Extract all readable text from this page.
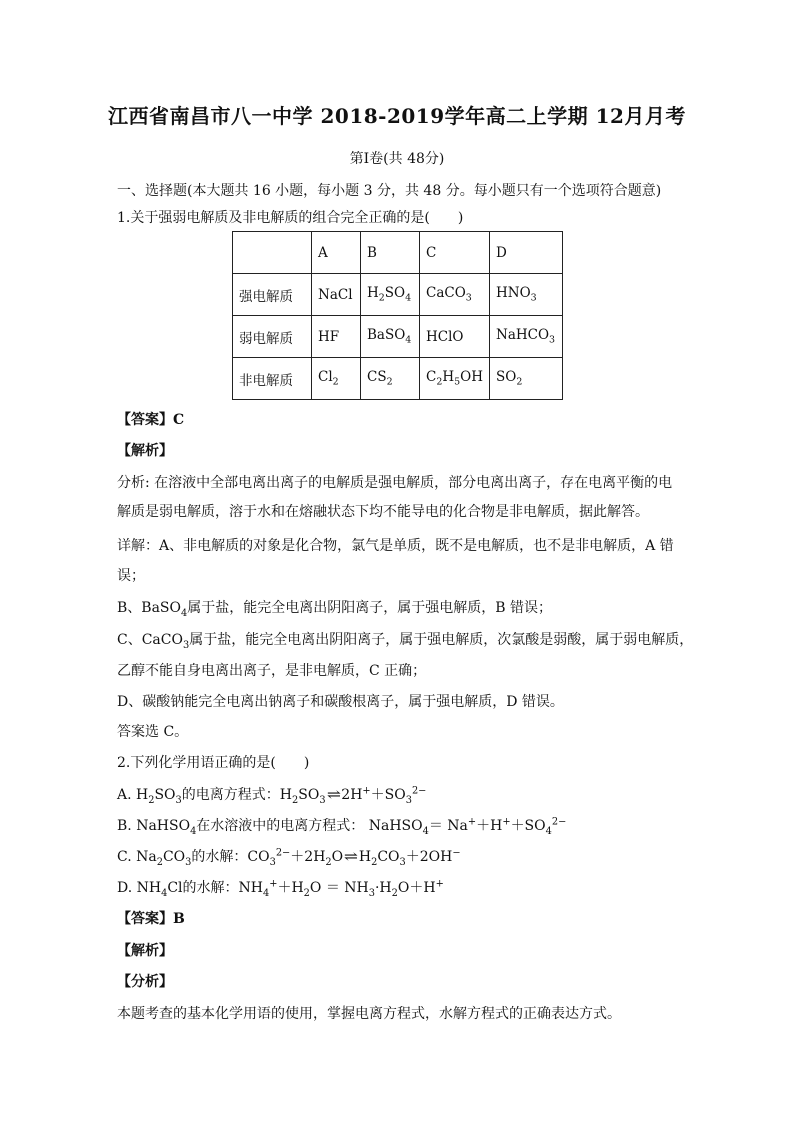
江西省南昌市八一中学 2018-2019学年高二上学期 12月月考
第Ⅰ卷(共 48分)
一、选择题(本大题共 16 小题，每小题 3 分，共 48 分。每小题只有一个选项符合题意)
1.关于强弱电解质及非电解质的组合完全正确的是(　　)
	A	B	C	D
强电解质	NaCl	$H_2SO_4$	CaCO$_3$	$HNO_3$
弱电解质	HF	BaSO$_4$	HClO	NaHCO$_3$
非电解质	$Cl_2$	$CS_2$	$C_2H_5OH$	$SO_2$
【答案】C
【解析】
分析: 在溶液中全部电离出离子的电解质是强电解质，部分电离出离子，存在电离平衡的电
解质是弱电解质，溶于水和在熔融状态下均不能导电的化合物是非电解质，据此解答。
详解：A、非电解质的对象是化合物，氯气是单质，既不是电解质，也不是非电解质，A 错
误；
B、BaSO$_4$属于盐，能完全电离出阴阳离子，属于强电解质，B 错误；
C、CaCO$_3$属于盐，能完全电离出阴阳离子，属于强电解质，次氯酸是弱酸，属于弱电解质，
乙醇不能自身电离出离子，是非电解质，C 正确；
D、碳酸钠能完全电离出钠离子和碳酸根离子，属于强电解质，D 错误。
答案选 C。
2.下列化学用语正确的是(　　)
A. $H_2SO_3$的电离方程式：$H_2SO_3\rightleftharpoons 2H^++SO_3^{2-}$
B. NaHSO$_4$在水溶液中的电离方程式： NaHSO$_4$＝ $Na^++H^++SO_4^{2-}$
C. $Na_2CO_3$的水解：$CO_3^{2-}+2H_2O\rightleftharpoons H_2CO_3+2OH^-$
D. $NH_4Cl$的水解：$NH_4^++H_2O = NH_3\cdot H_2O+H^+$
【答案】B
【解析】
【分析】
本题考查的基本化学用语的使用，掌握电离方程式，水解方程式的正确表达方式。
